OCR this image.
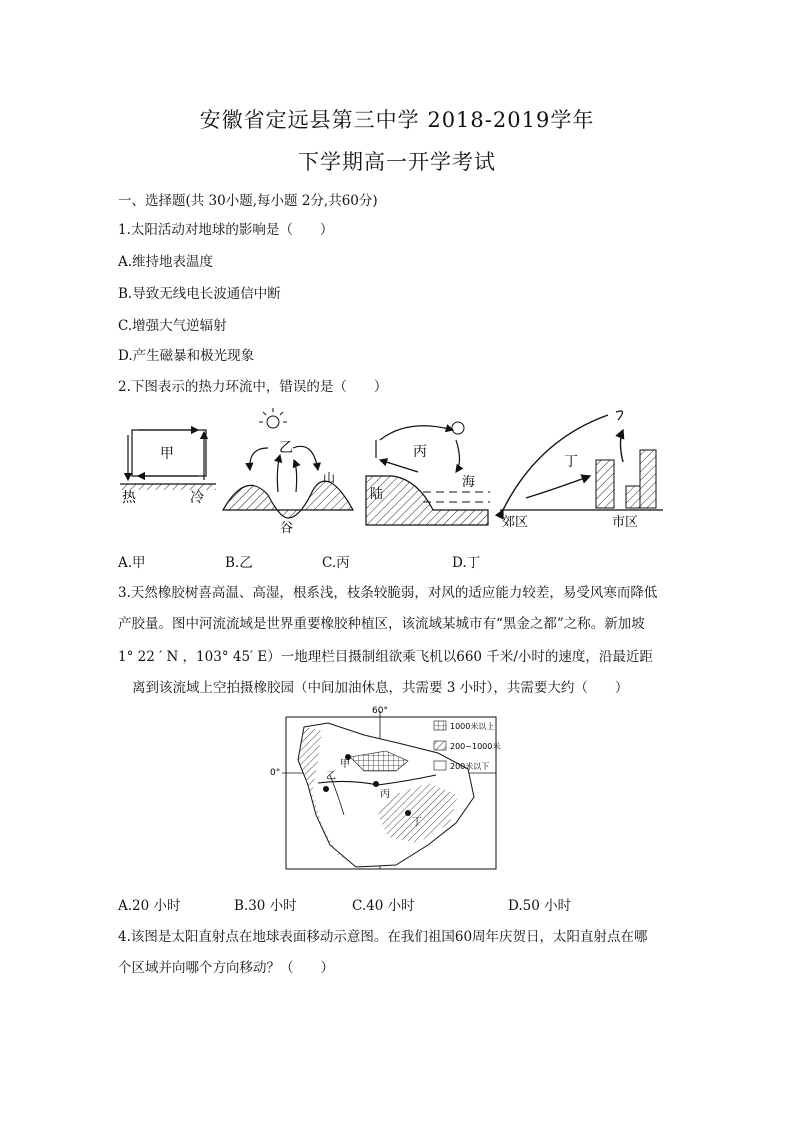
安徽省定远县第三中学 2018-2019学年
下学期高一开学考试
一、选择题(共 30小题,每小题 2分,共60分)
1.太阳活动对地球的影响是（　　）
A.维持地表温度
B.导致无线电长波通信中断
C.增强大气逆辐射
D.产生磁暴和极光现象
2.下图表示的热力环流中，错误的是（　　）
甲
热	冷
乙
谷
山
丙
陆
海
丁
郊区	市区
A.甲	B.乙	C.丙	D.丁
3.天然橡胶树喜高温、高湿，根系浅，枝条较脆弱，对风的适应能力较差，易受风寒而降低
产胶量。图中河流流域是世界重要橡胶种植区，该流域某城市有“黑金之都”之称。新加坡
1° 22 ′ N ，103° 45′ E）一地理栏目摄制组欲乘飞机以660 千米/小时的速度，沿最近距
离到该流域上空拍摄橡胶园（中间加油休息，共需要 3 小时），共需要大约（　　）
60°
0°
甲
乙
丙
丁
1000米以上
200~1000米
200米以下
A.20 小时	B.30 小时	C.40 小时	D.50 小时
4.该图是太阳直射点在地球表面移动示意图。在我们祖国60周年庆贺日，太阳直射点在哪
个区域并向哪个方向移动？（　　）
